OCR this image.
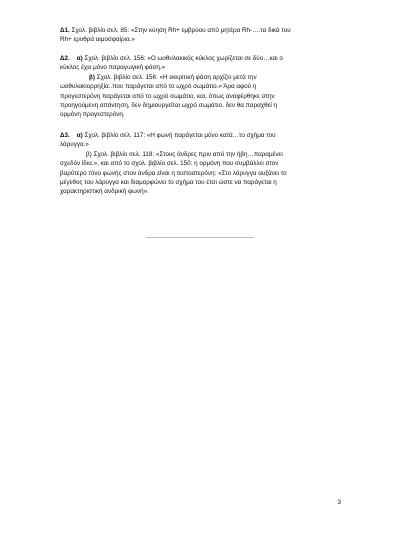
Δ1. Σχολ. βιβλίο σελ. 85: «Στην κύηση Rh+ εμβρύου από μητέρα Rh-….τα δικά του

Rh+ ερυθρά αιμοσφαίρια.»

Δ2. α) Σχολ. βιβλίο σελ. 156: «Ο ωοθυλακικός κύκλος χωρίζεται σε δύο…και ο

κύκλος έχει μόνο παραγωγική φάση.»

β) Σχολ. βιβλίο σελ. 156: «Η εκκριτική φάση αρχίζει μετά την

ωοθυλακιορρηξία..που παράγεται από το ωχρό σωμάτιο.» Άρα αφού η

προγεστερόνη παράγεται από το ωχρό σωμάτιο, και, όπως αναφέρθηκε στην

προηγούμενη απάντηση, δεν δημιουργείται ωχρό σωμάτιο, δεν θα παραχθεί η

ορμόνη προγεστερόνη.

Δ3. α) Σχολ. βιβλίο σελ. 117: «Η φωνή παράγεται μόνο κατά…το σχήμα του

λάρυγγα.»

β) Σχολ. βιβλίο σελ. 118: «Στους άνδρες πριν από την ήβη…παραμένει

σχεδόν ίδια.», και από το σχολ. βιβλίο σελ. 150: η ορμόνη που συμβάλλει στον

βαρύτερο τόνο φωνής στον άνδρα είναι η τεστοστερόνη: «Στο λάρυγγα αυξάνει το

μέγεθος του λάρυγγα και διαμορφώνει το σχήμα του έτσι ώστε να παράγεται η

χαρακτηριστική ανδρική φωνή».

3
